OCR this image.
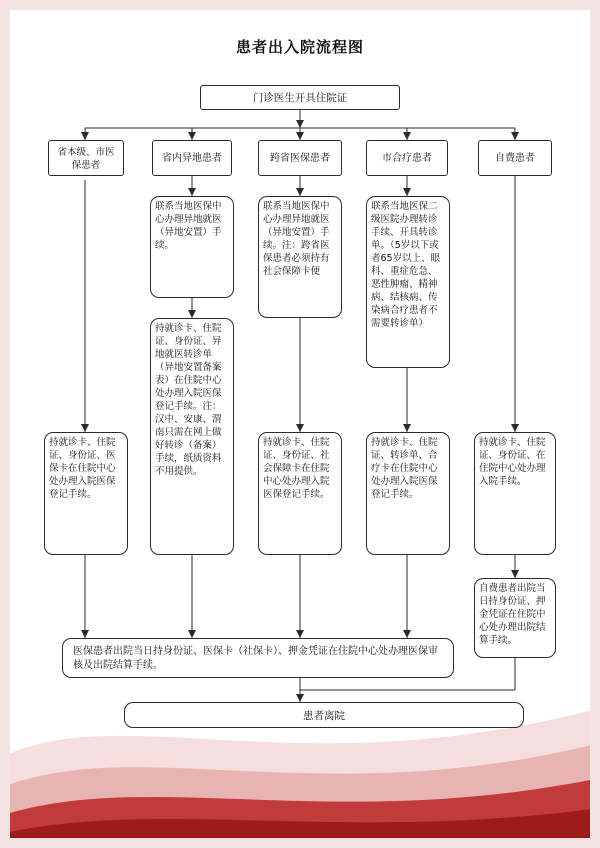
患者出入院流程图
门诊医生开具住院证
省本级、市医保患者
省内异地患者	跨省医保患者	市合疗患者	自费患者
联系当地医保中心办理异地就医（异地安置）手续。
联系当地医保中心办理异地就医（异地安置）手续。注：跨省医保患者必须持有社会保障卡便
联系当地医保二级医院办理转诊手续、开具转诊单。（5岁以下或者65岁以上、眼科、重症危急、恶性肿瘤、精神病、结核病、传染病合疗患者不需要转诊单）
持就诊卡、住院证、身份证、异地就医转诊单（异地安置备案表）在住院中心处办理入院医保登记手续。注：汉中、安康、渭南只需在网上做好转诊（备案）手续，纸质资料不用提供。
持就诊卡、住院证、身份证、医保卡在住院中心处办理入院医保登记手续。
持就诊卡、住院证、身份证、社会保障卡在住院中心处办理入院医保登记手续。
持就诊卡、住院证、转诊单、合疗卡在住院中心处办理入院医保登记手续。
持就诊卡、住院证、身份证、在住院中心处办理入院手续。
自费患者出院当日持身份证、押金凭证在住院中心处办理出院结算手续。
医保患者出院当日持身份证、医保卡（社保卡）、押金凭证在住院中心处办理医保审核及出院结算手续。
患者离院
